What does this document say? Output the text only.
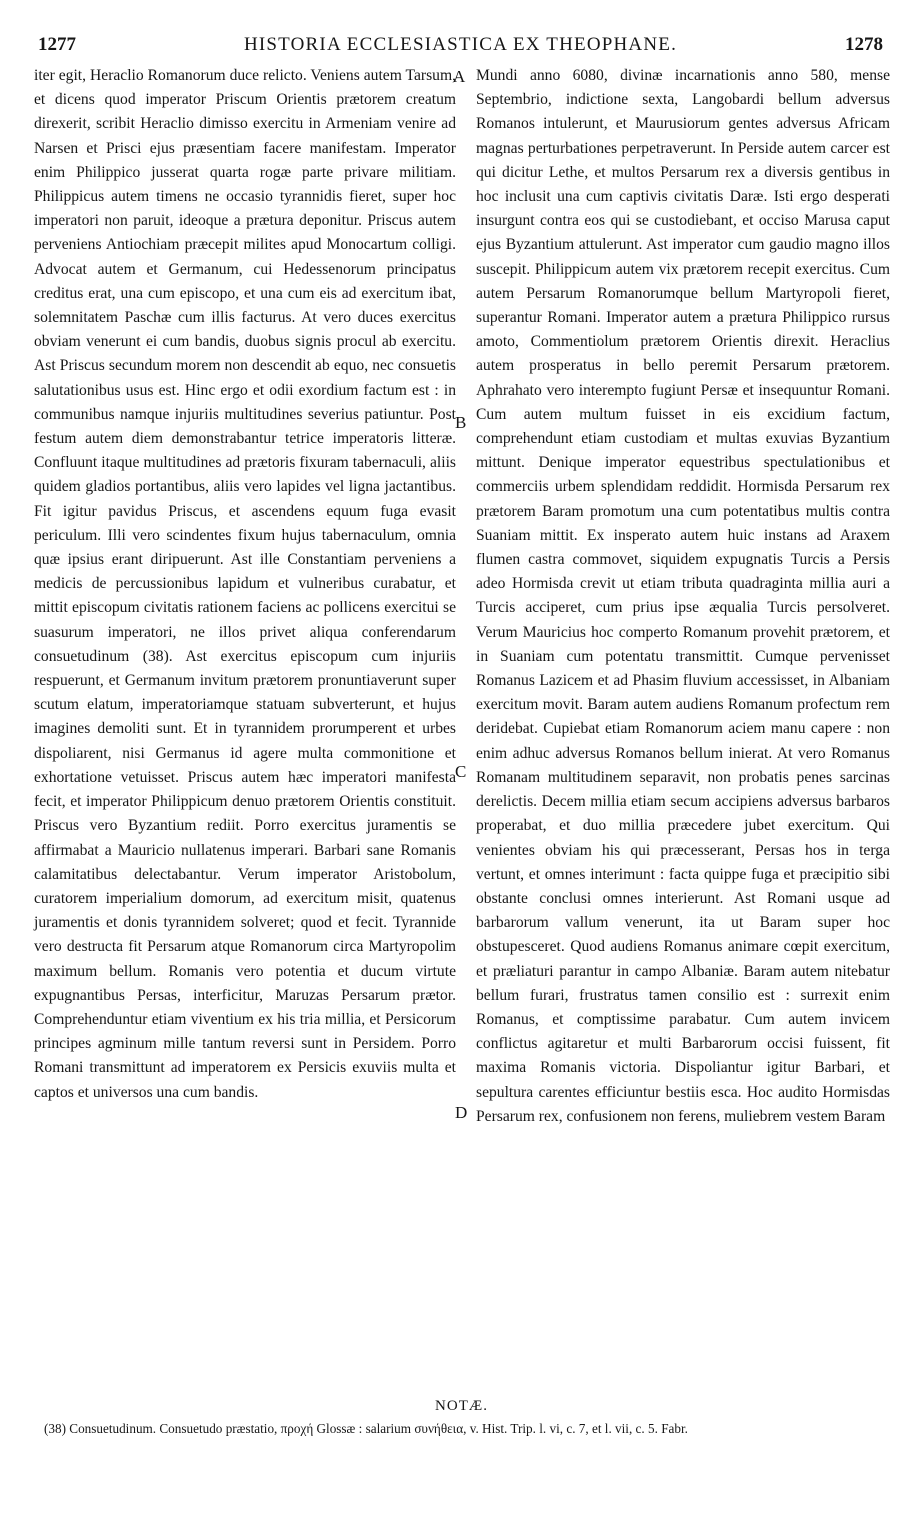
1277	HISTORIA ECCLESIASTICA EX THEOPHANE.	1278

iter egit, Heraclio Romanorum duce relicto. Veniens autem Tarsum, et dicens quod imperator Priscum Orientis prætorem creatum direxerit, scribit Heraclio dimisso exercitu in Armeniam venire ad Narsen et Prisci ejus præsentiam facere manifestam. Imperator enim Philippico jusserat quarta rogæ parte privare militiam. Philippicus autem timens ne occasio tyrannidis fieret, super hoc imperatori non paruit, ideoque a prætura deponitur. Priscus autem perveniens Antiochiam præcepit milites apud Monocartum colligi. Advocat autem et Germanum, cui Hedessenorum principatus creditus erat, una cum episcopo, et una cum eis ad exercitum ibat, solemnitatem Paschæ cum illis facturus. At vero duces exercitus obviam venerunt ei cum bandis, duobus signis procul ab exercitu. Ast Priscus secundum morem non descendit ab equo, nec consuetis salutationibus usus est. Hinc ergo et odii exordium factum est : in communibus namque injuriis multitudines severius patiuntur. Post festum autem diem demonstrabantur tetrice imperatoris litteræ. Confluunt itaque multitudines ad prætoris fixuram tabernaculi, aliis quidem gladios portantibus, aliis vero lapides vel ligna jactantibus. Fit igitur pavidus Priscus, et ascendens equum fuga evasit periculum. Illi vero scindentes fixum hujus tabernaculum, omnia quæ ipsius erant diripuerunt. Ast ille Constantiam perveniens a medicis de percussionibus lapidum et vulneribus curabatur, et mittit episcopum civitatis rationem faciens ac pollicens exercitui se suasurum imperatori, ne illos privet aliqua conferendarum consuetudinum (38). Ast exercitus episcopum cum injuriis respuerunt, et Germanum invitum prætorem pronuntiaverunt super scutum elatum, imperatoriamque statuam subverterunt, et hujus imagines demoliti sunt. Et in tyrannidem prorumperent et urbes dispoliarent, nisi Germanus id agere multa commonitione et exhortatione vetuisset. Priscus autem hæc imperatori manifesta fecit, et imperator Philippicum denuo prætorem Orientis constituit. Priscus vero Byzantium rediit. Porro exercitus juramentis se affirmabat a Mauricio nullatenus imperari. Barbari sane Romanis calamitatibus delectabantur. Verum imperator Aristobolum, curatorem imperialium domorum, ad exercitum misit, quatenus juramentis et donis tyrannidem solveret; quod et fecit. Tyrannide vero destructa fit Persarum atque Romanorum circa Martyropolim maximum bellum. Romanis vero potentia et ducum virtute expugnantibus Persas, interficitur, Maruzas Persarum prætor. Comprehenduntur etiam viventium ex his tria millia, et Persicorum principes agminum mille tantum reversi sunt in Persidem. Porro Romani transmittunt ad imperatorem ex Persicis exuviis multa et captos et universos una cum bandis.

A
B
C
D

Mundi anno 6080, divinæ incarnationis anno 580, mense Septembrio, indictione sexta, Langobardi bellum adversus Romanos intulerunt, et Maurusiorum gentes adversus Africam magnas perturbationes perpetraverunt. In Perside autem carcer est qui dicitur Lethe, et multos Persarum rex a diversis gentibus in hoc inclusit una cum captivis civitatis Daræ. Isti ergo desperati insurgunt contra eos qui se custodiebant, et occiso Marusa caput ejus Byzantium attulerunt. Ast imperator cum gaudio magno illos suscepit. Philippicum autem vix prætorem recepit exercitus. Cum autem Persarum Romanorumque bellum Martyropoli fieret, superantur Romani. Imperator autem a prætura Philippico rursus amoto, Commentiolum prætorem Orientis direxit. Heraclius autem prosperatus in bello peremit Persarum prætorem. Aphrahato vero interempto fugiunt Persæ et insequuntur Romani. Cum autem multum fuisset in eis excidium factum, comprehendunt etiam custodiam et multas exuvias Byzantium mittunt. Denique imperator equestribus spectulationibus et commerciis urbem splendidam reddidit. Hormisda Persarum rex prætorem Baram promotum una cum potentatibus multis contra Suaniam mittit. Ex insperato autem huic instans ad Araxem flumen castra commovet, siquidem expugnatis Turcis a Persis adeo Hormisda crevit ut etiam tributa quadraginta millia auri a Turcis acciperet, cum prius ipse æqualia Turcis persolveret. Verum Mauricius hoc comperto Romanum provehit prætorem, et in Suaniam cum potentatu transmittit. Cumque pervenisset Romanus Lazicem et ad Phasim fluvium accessisset, in Albaniam exercitum movit. Baram autem audiens Romanum profectum rem deridebat. Cupiebat etiam Romanorum aciem manu capere : non enim adhuc adversus Romanos bellum inierat. At vero Romanus Romanam multitudinem separavit, non probatis penes sarcinas derelictis. Decem millia etiam secum accipiens adversus barbaros properabat, et duo millia præcedere jubet exercitum. Qui venientes obviam his qui præcesserant, Persas hos in terga vertunt, et omnes interimunt : facta quippe fuga et præcipitio sibi obstante conclusi omnes interierunt. Ast Romani usque ad barbarorum vallum venerunt, ita ut Baram super hoc obstupesceret. Quod audiens Romanus animare cœpit exercitum, et præliaturi parantur in campo Albaniæ. Baram autem nitebatur bellum furari, frustratus tamen consilio est : surrexit enim Romanus, et comptissime parabatur. Cum autem invicem conflictus agitaretur et multi Barbarorum occisi fuissent, fit maxima Romanis victoria. Dispoliantur igitur Barbari, et sepultura carentes efficiuntur bestiis esca. Hoc audito Hormisdas Persarum rex, confusionem non ferens, muliebrem vestem Baram

NOTÆ.

(38) Consuetudinum. Consuetudo præstatio, προχή Glossæ : salarium συνήθεια, v. Hist. Trip. l. vi, c. 7, et l. vii, c. 5. Fabr.
